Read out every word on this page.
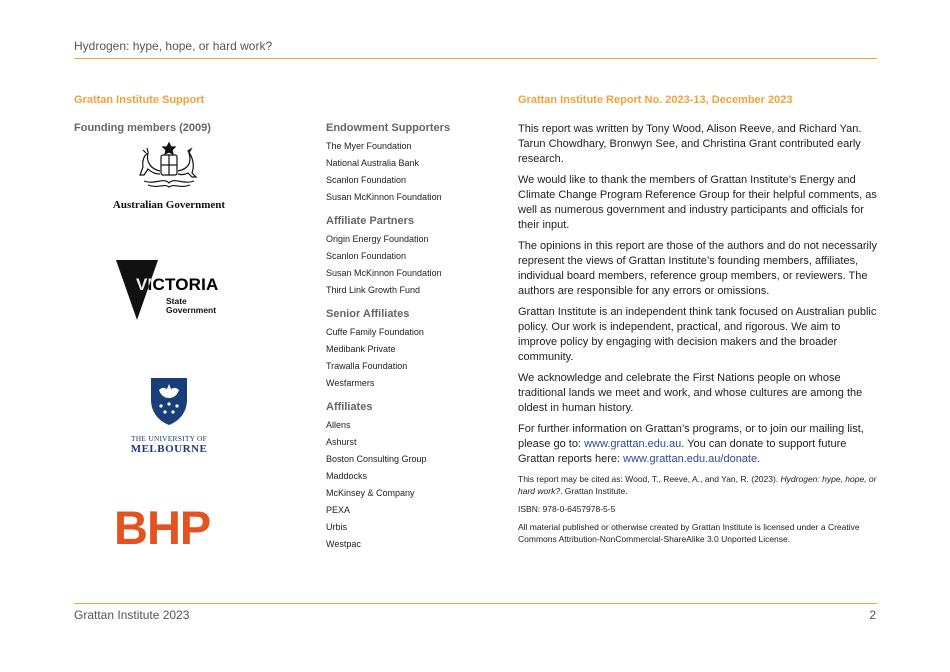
Hydrogen: hype, hope, or hard work?
Grattan Institute Support
Founding members (2009)
Australian Government
VICTORIA
State
Government
THE UNIVERSITY OF
MELBOURNE
BHP
Endowment Supporters
The Myer Foundation
National Australia Bank
Scanlon Foundation
Susan McKinnon Foundation
Affiliate Partners
Origin Energy Foundation
Scanlon Foundation
Susan McKinnon Foundation
Third Link Growth Fund
Senior Affiliates
Cuffe Family Foundation
Medibank Private
Trawalla Foundation
Wesfarmers
Affiliates
Allens
Ashurst
Boston Consulting Group
Maddocks
McKinsey & Company
PEXA
Urbis
Westpac
Grattan Institute Report No. 2023-13, December 2023

This report was written by Tony Wood, Alison Reeve, and Richard Yan. Tarun Chowdhary, Bronwyn See, and Christina Grant contributed early research.

We would like to thank the members of Grattan Institute’s Energy and Climate Change Program Reference Group for their helpful comments, as well as numerous government and industry participants and officials for their input.

The opinions in this report are those of the authors and do not necessarily represent the views of Grattan Institute’s founding members, affiliates, individual board members, reference group members, or reviewers. The authors are responsible for any errors or omissions.

Grattan Institute is an independent think tank focused on Australian public policy. Our work is independent, practical, and rigorous. We aim to improve policy by engaging with decision makers and the broader community.

We acknowledge and celebrate the First Nations people on whose traditional lands we meet and work, and whose cultures are among the oldest in human history.

For further information on Grattan’s programs, or to join our mailing list, please go to: www.grattan.edu.au. You can donate to support future Grattan reports here: www.grattan.edu.au/donate.

This report may be cited as: Wood, T., Reeve, A., and Yan, R. (2023). Hydrogen: hype, hope, or hard work?. Grattan Institute.

ISBN: 978-0-6457978-5-5

All material published or otherwise created by Grattan Institute is licensed under a Creative Commons Attribution-NonCommercial-ShareAlike 3.0 Unported License.

Grattan Institute 2023	2
